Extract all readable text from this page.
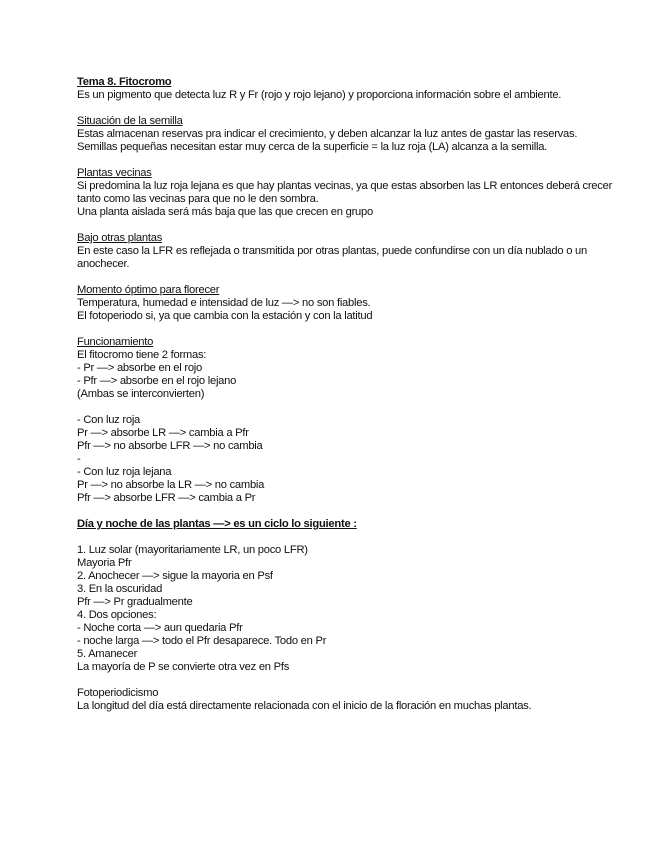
Tema 8. Fitocromo
Es un pigmento que detecta luz R y Fr (rojo y rojo lejano) y proporciona información sobre el ambiente.
Situación de la semilla
Estas almacenan reservas pra indicar el crecimiento, y deben alcanzar la luz antes de gastar las reservas.
Semillas pequeñas necesitan estar muy cerca de la superficie = la luz roja (LA) alcanza a la semilla.
Plantas vecinas
Si predomina la luz roja lejana es que hay plantas vecinas, ya que estas absorben las LR entonces deberá crecer tanto como las vecinas para que no le den sombra.
Una planta aislada será más baja que las que crecen en grupo
Bajo otras plantas
En este caso la LFR es reflejada o transmitida por otras plantas, puede confundirse con un día nublado o un anochecer.
Momento óptimo para florecer
Temperatura, humedad e intensidad de luz —> no son fiables.
El fotoperiodo si, ya que cambia con la estación y con la latitud
Funcionamiento
El fitocromo tiene 2 formas:
- Pr —> absorbe en el rojo
- Pfr —> absorbe en el rojo lejano
(Ambas se interconvierten)
- Con luz roja
Pr —> absorbe LR —> cambia a Pfr
Pfr —> no absorbe LFR —> no cambia
-
- Con luz roja lejana
Pr —> no absorbe la LR —> no cambia
Pfr —> absorbe LFR —> cambia a Pr
Día y noche de las plantas —> es un ciclo lo siguiente :
1. Luz solar (mayoritariamente LR, un poco LFR)
Mayoria Pfr
2. Anochecer —> sigue la mayoria en Psf
3. En la oscuridad
Pfr —> Pr gradualmente
4. Dos opciones:
- Noche corta —> aun quedaria Pfr
- noche larga —> todo el Pfr desaparece. Todo en Pr
5. Amanecer
La mayoría de P se convierte otra vez en Pfs
Fotoperiodicismo
La longitud del día está directamente relacionada con el inicio de la floración en muchas plantas.
